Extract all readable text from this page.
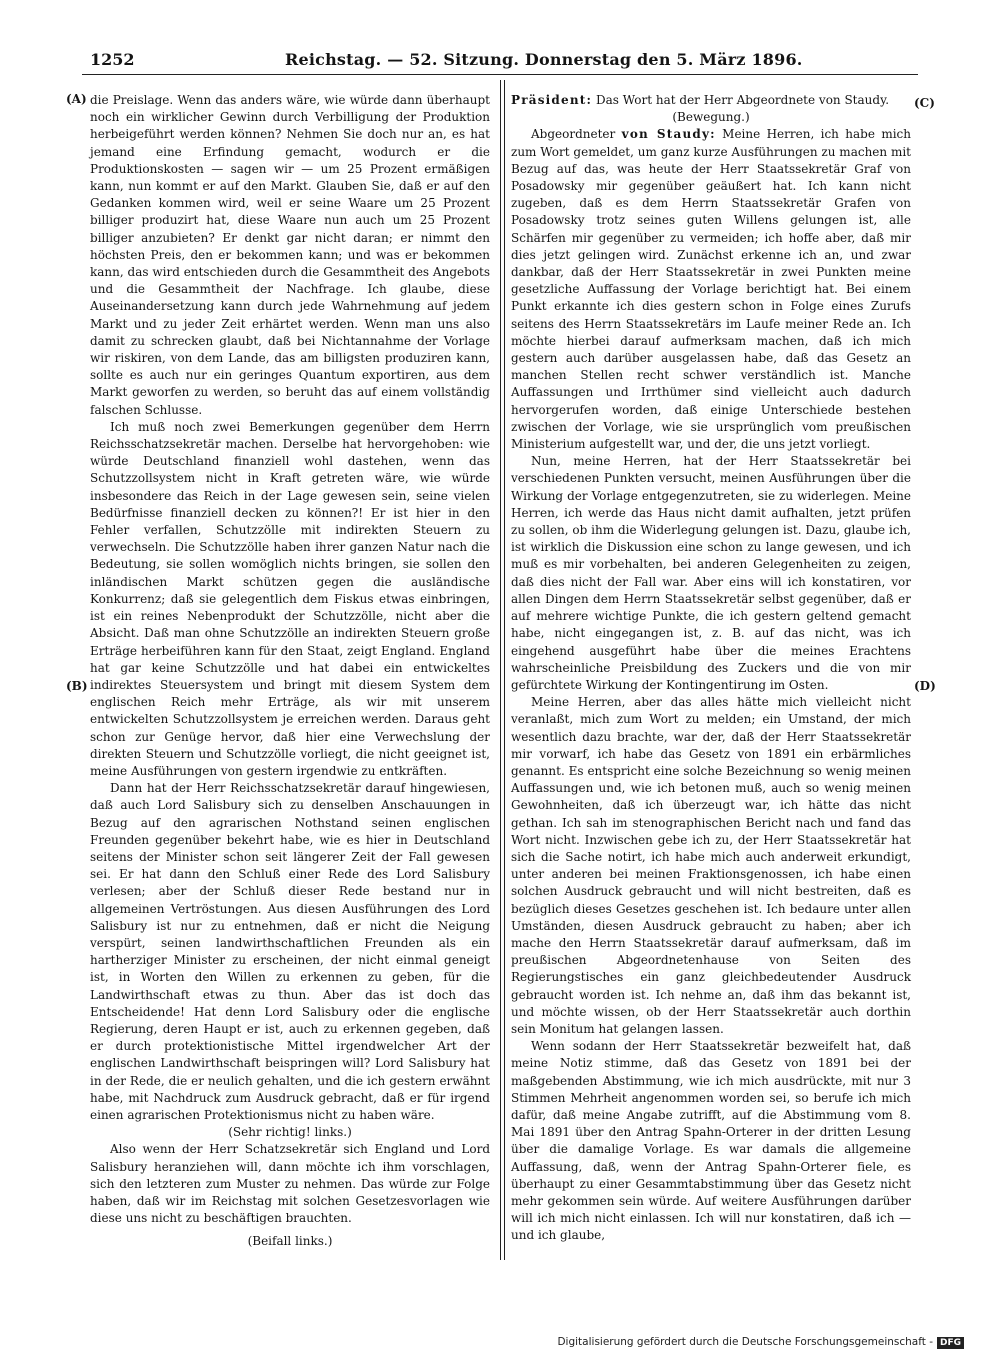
1252	Reichstag. — 52. Sitzung. Donnerstag den 5. März 1896.
(A)
(B)
(C)
(D)

die Preislage. Wenn das anders wäre, wie würde dann überhaupt noch ein wirklicher Gewinn durch Verbilligung der Produktion herbeigeführt werden können? Nehmen Sie doch nur an, es hat jemand eine Erfindung gemacht, wodurch er die Produktionskosten — sagen wir — um 25 Prozent ermäßigen kann, nun kommt er auf den Markt. Glauben Sie, daß er auf den Gedanken kommen wird, weil er seine Waare um 25 Prozent billiger produzirt hat, diese Waare nun auch um 25 Prozent billiger anzubieten? Er denkt gar nicht daran; er nimmt den höchsten Preis, den er bekommen kann; und was er bekommen kann, das wird entschieden durch die Gesammtheit des Angebots und die Gesammtheit der Nachfrage. Ich glaube, diese Auseinandersetzung kann durch jede Wahrnehmung auf jedem Markt und zu jeder Zeit erhärtet werden. Wenn man uns also damit zu schrecken glaubt, daß bei Nichtannahme der Vorlage wir riskiren, von dem Lande, das am billigsten produziren kann, sollte es auch nur ein geringes Quantum exportiren, aus dem Markt geworfen zu werden, so beruht das auf einem vollständig falschen Schlusse.

Ich muß noch zwei Bemerkungen gegenüber dem Herrn Reichsschatzsekretär machen. Derselbe hat hervorgehoben: wie würde Deutschland finanziell wohl dastehen, wenn das Schutzzollsystem nicht in Kraft getreten wäre, wie würde insbesondere das Reich in der Lage gewesen sein, seine vielen Bedürfnisse finanziell decken zu können?! Er ist hier in den Fehler verfallen, Schutzzölle mit indirekten Steuern zu verwechseln. Die Schutzzölle haben ihrer ganzen Natur nach die Bedeutung, sie sollen womöglich nichts bringen, sie sollen den inländischen Markt schützen gegen die ausländische Konkurrenz; daß sie gelegentlich dem Fiskus etwas einbringen, ist ein reines Nebenprodukt der Schutzzölle, nicht aber die Absicht. Daß man ohne Schutzzölle an indirekten Steuern große Erträge herbeiführen kann für den Staat, zeigt England. England hat gar keine Schutzzölle und hat dabei ein entwickeltes indirektes Steuersystem und bringt mit diesem System dem englischen Reich mehr Erträge, als wir mit unserem entwickelten Schutzzollsystem je erreichen werden. Daraus geht schon zur Genüge hervor, daß hier eine Verwechslung der direkten Steuern und Schutzzölle vorliegt, die nicht geeignet ist, meine Ausführungen von gestern irgendwie zu entkräften.

Dann hat der Herr Reichsschatzsekretär darauf hingewiesen, daß auch Lord Salisbury sich zu denselben Anschauungen in Bezug auf den agrarischen Nothstand seinen englischen Freunden gegenüber bekehrt habe, wie es hier in Deutschland seitens der Minister schon seit längerer Zeit der Fall gewesen sei. Er hat dann den Schluß einer Rede des Lord Salisbury verlesen; aber der Schluß dieser Rede bestand nur in allgemeinen Vertröstungen. Aus diesen Ausführungen des Lord Salisbury ist nur zu entnehmen, daß er nicht die Neigung verspürt, seinen landwirthschaftlichen Freunden als ein hartherziger Minister zu erscheinen, der nicht einmal geneigt ist, in Worten den Willen zu erkennen zu geben, für die Landwirthschaft etwas zu thun. Aber das ist doch das Entscheidende! Hat denn Lord Salisbury oder die englische Regierung, deren Haupt er ist, auch zu erkennen gegeben, daß er durch protektionistische Mittel irgendwelcher Art der englischen Landwirthschaft beispringen will? Lord Salisbury hat in der Rede, die er neulich gehalten, und die ich gestern erwähnt habe, mit Nachdruck zum Ausdruck gebracht, daß er für irgend einen agrarischen Protektionismus nicht zu haben wäre.

(Sehr richtig! links.)

Also wenn der Herr Schatzsekretär sich England und Lord Salisbury heranziehen will, dann möchte ich ihm vorschlagen, sich den letzteren zum Muster zu nehmen. Das würde zur Folge haben, daß wir im Reichstag mit solchen Gesetzesvorlagen wie diese uns nicht zu beschäftigen brauchten.

(Beifall links.)

Präsident: Das Wort hat der Herr Abgeordnete von Staudy.

(Bewegung.)

Abgeordneter von Staudy: Meine Herren, ich habe mich zum Wort gemeldet, um ganz kurze Ausführungen zu machen mit Bezug auf das, was heute der Herr Staatssekretär Graf von Posadowsky mir gegenüber geäußert hat. Ich kann nicht zugeben, daß es dem Herrn Staatssekretär Grafen von Posadowsky trotz seines guten Willens gelungen ist, alle Schärfen mir gegenüber zu vermeiden; ich hoffe aber, daß mir dies jetzt gelingen wird. Zunächst erkenne ich an, und zwar dankbar, daß der Herr Staatssekretär in zwei Punkten meine gesetzliche Auffassung der Vorlage berichtigt hat. Bei einem Punkt erkannte ich dies gestern schon in Folge eines Zurufs seitens des Herrn Staatssekretärs im Laufe meiner Rede an. Ich möchte hierbei darauf aufmerksam machen, daß ich mich gestern auch darüber ausgelassen habe, daß das Gesetz an manchen Stellen recht schwer verständlich ist. Manche Auffassungen und Irrthümer sind vielleicht auch dadurch hervorgerufen worden, daß einige Unterschiede bestehen zwischen der Vorlage, wie sie ursprünglich vom preußischen Ministerium aufgestellt war, und der, die uns jetzt vorliegt.

Nun, meine Herren, hat der Herr Staatssekretär bei verschiedenen Punkten versucht, meinen Ausführungen über die Wirkung der Vorlage entgegenzutreten, sie zu widerlegen. Meine Herren, ich werde das Haus nicht damit aufhalten, jetzt prüfen zu sollen, ob ihm die Widerlegung gelungen ist. Dazu, glaube ich, ist wirklich die Diskussion eine schon zu lange gewesen, und ich muß es mir vorbehalten, bei anderen Gelegenheiten zu zeigen, daß dies nicht der Fall war. Aber eins will ich konstatiren, vor allen Dingen dem Herrn Staatssekretär selbst gegenüber, daß er auf mehrere wichtige Punkte, die ich gestern geltend gemacht habe, nicht eingegangen ist, z. B. auf das nicht, was ich eingehend ausgeführt habe über die meines Erachtens wahrscheinliche Preisbildung des Zuckers und die von mir gefürchtete Wirkung der Kontingentirung im Osten.

Meine Herren, aber das alles hätte mich vielleicht nicht veranlaßt, mich zum Wort zu melden; ein Umstand, der mich wesentlich dazu brachte, war der, daß der Herr Staatssekretär mir vorwarf, ich habe das Gesetz von 1891 ein erbärmliches genannt. Es entspricht eine solche Bezeichnung so wenig meinen Auffassungen und, wie ich betonen muß, auch so wenig meinen Gewohnheiten, daß ich überzeugt war, ich hätte das nicht gethan. Ich sah im stenographischen Bericht nach und fand das Wort nicht. Inzwischen gebe ich zu, der Herr Staatssekretär hat sich die Sache notirt, ich habe mich auch anderweit erkundigt, unter anderen bei meinen Fraktionsgenossen, ich habe einen solchen Ausdruck gebraucht und will nicht bestreiten, daß es bezüglich dieses Gesetzes geschehen ist. Ich bedaure unter allen Umständen, diesen Ausdruck gebraucht zu haben; aber ich mache den Herrn Staatssekretär darauf aufmerksam, daß im preußischen Abgeordnetenhause von Seiten des Regierungstisches ein ganz gleichbedeutender Ausdruck gebraucht worden ist. Ich nehme an, daß ihm das bekannt ist, und möchte wissen, ob der Herr Staatssekretär auch dorthin sein Monitum hat gelangen lassen.

Wenn sodann der Herr Staatssekretär bezweifelt hat, daß meine Notiz stimme, daß das Gesetz von 1891 bei der maßgebenden Abstimmung, wie ich mich ausdrückte, mit nur 3 Stimmen Mehrheit angenommen worden sei, so berufe ich mich dafür, daß meine Angabe zutrifft, auf die Abstimmung vom 8. Mai 1891 über den Antrag Spahn-Orterer in der dritten Lesung über die damalige Vorlage. Es war damals die allgemeine Auffassung, daß, wenn der Antrag Spahn-Orterer fiele, es überhaupt zu einer Gesammtabstimmung über das Gesetz nicht mehr gekommen sein würde. Auf weitere Ausführungen darüber will ich mich nicht einlassen. Ich will nur konstatiren, daß ich — und ich glaube,

Digitalisierung gefördert durch die Deutsche Forschungsgemeinschaft - DFG
